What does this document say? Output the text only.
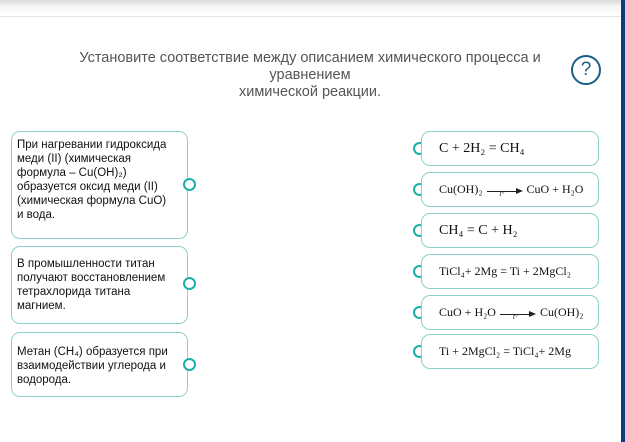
Установите соответствие между описанием химического процесса и
уравнением
химической реакции.
?
При нагревании гидроксида меди (II) (химическая формула – Cu(OH)₂) образуется оксид меди (II) (химическая формула CuO) и вода.
В промышленности титан получают восстановлением тетрахлорида титана магнием.
Метан (CH₄) образуется при взаимодействии углерода и водорода.
C + 2H₂ = CH₄
Cu(OH)₂ t° CuO + H₂O
CH₄ = C + H₂
TiCl₄+ 2Mg = Ti + 2MgCl₂
CuO + H₂O t° Cu(OH)₂
Ti + 2MgCl₂ = TiCl₄+ 2Mg
